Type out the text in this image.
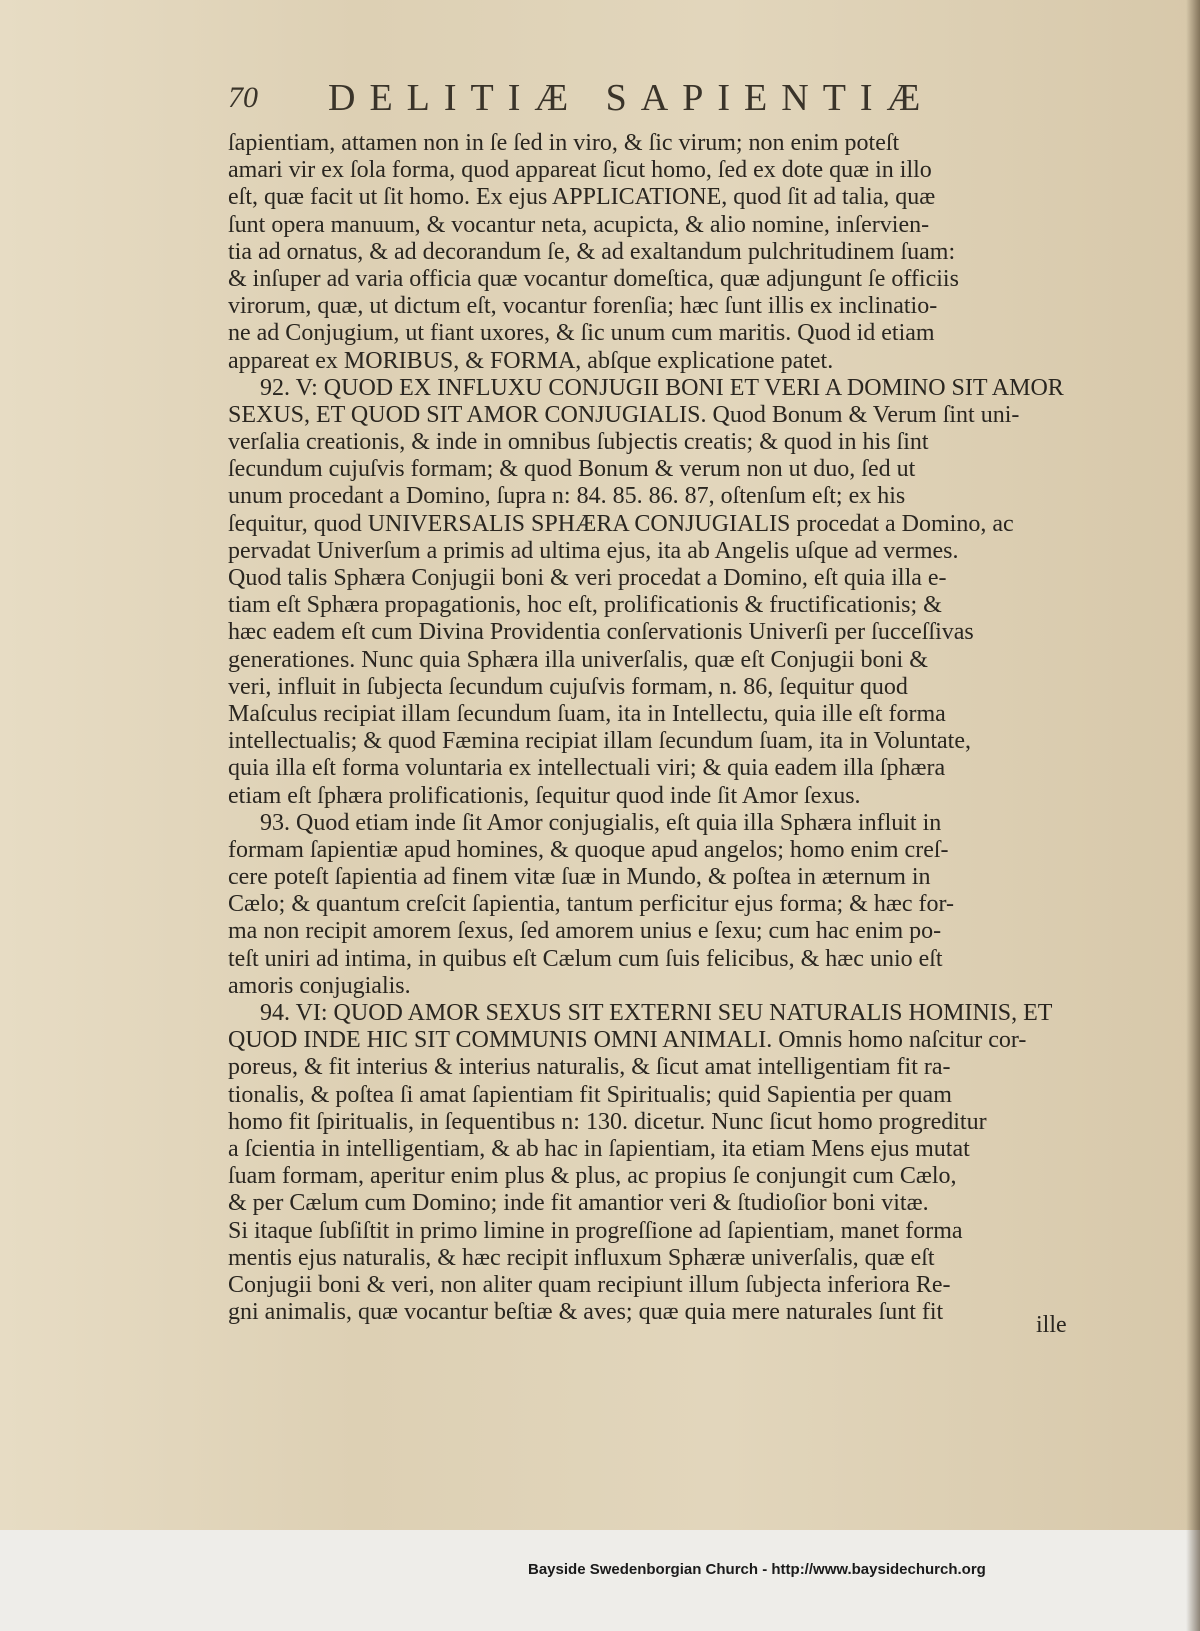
70	DELITIÆ SAPIENTIÆ
ſapientiam, attamen non in ſe ſed in viro, & ſic virum; non enim poteſt
amari vir ex ſola forma, quod appareat ſicut homo, ſed ex dote quæ in illo
eſt, quæ facit ut ſit homo. Ex ejus APPLICATIONE, quod ſit ad talia, quæ
ſunt opera manuum, & vocantur neta, acupicta, & alio nomine, inſervien-
tia ad ornatus, & ad decorandum ſe, & ad exaltandum pulchritudinem ſuam:
& inſuper ad varia officia quæ vocantur domeſtica, quæ adjungunt ſe officiis
virorum, quæ, ut dictum eſt, vocantur forenſia; hæc ſunt illis ex inclinatio-
ne ad Conjugium, ut fiant uxores, & ſic unum cum maritis. Quod id etiam
appareat ex MORIBUS, & FORMA, abſque explicatione patet.
92. V: QUOD EX INFLUXU CONJUGII BONI ET VERI A DOMINO SIT AMOR
SEXUS, ET QUOD SIT AMOR CONJUGIALIS. Quod Bonum & Verum ſint uni-
verſalia creationis, & inde in omnibus ſubjectis creatis; & quod in his ſint
ſecundum cujuſvis formam; & quod Bonum & verum non ut duo, ſed ut
unum procedant a Domino, ſupra n: 84. 85. 86. 87, oſtenſum eſt; ex his
ſequitur, quod UNIVERSALIS SPHÆRA CONJUGIALIS procedat a Domino, ac
pervadat Univerſum a primis ad ultima ejus, ita ab Angelis uſque ad vermes.
Quod talis Sphæra Conjugii boni & veri procedat a Domino, eſt quia illa e-
tiam eſt Sphæra propagationis, hoc eſt, prolificationis & fructificationis; &
hæc eadem eſt cum Divina Providentia conſervationis Univerſi per ſucceſſivas
generationes. Nunc quia Sphæra illa univerſalis, quæ eſt Conjugii boni &
veri, influit in ſubjecta ſecundum cujuſvis formam, n. 86, ſequitur quod
Maſculus recipiat illam ſecundum ſuam, ita in Intellectu, quia ille eſt forma
intellectualis; & quod Fæmina recipiat illam ſecundum ſuam, ita in Voluntate,
quia illa eſt forma voluntaria ex intellectuali viri; & quia eadem illa ſphæra
etiam eſt ſphæra prolificationis, ſequitur quod inde ſit Amor ſexus.
93. Quod etiam inde ſit Amor conjugialis, eſt quia illa Sphæra influit in
formam ſapientiæ apud homines, & quoque apud angelos; homo enim creſ-
cere poteſt ſapientia ad finem vitæ ſuæ in Mundo, & poſtea in æternum in
Cælo; & quantum creſcit ſapientia, tantum perficitur ejus forma; & hæc for-
ma non recipit amorem ſexus, ſed amorem unius e ſexu; cum hac enim po-
teſt uniri ad intima, in quibus eſt Cælum cum ſuis felicibus, & hæc unio eſt
amoris conjugialis.
94. VI: QUOD AMOR SEXUS SIT EXTERNI SEU NATURALIS HOMINIS, ET
QUOD INDE HIC SIT COMMUNIS OMNI ANIMALI. Omnis homo naſcitur cor-
poreus, & fit interius & interius naturalis, & ſicut amat intelligentiam fit ra-
tionalis, & poſtea ſi amat ſapientiam fit Spiritualis; quid Sapientia per quam
homo fit ſpiritualis, in ſequentibus n: 130. dicetur. Nunc ſicut homo progreditur
a ſcientia in intelligentiam, & ab hac in ſapientiam, ita etiam Mens ejus mutat
ſuam formam, aperitur enim plus & plus, ac propius ſe conjungit cum Cælo,
& per Cælum cum Domino; inde fit amantior veri & ſtudioſior boni vitæ.
Si itaque ſubſiſtit in primo limine in progreſſione ad ſapientiam, manet forma
mentis ejus naturalis, & hæc recipit influxum Sphæræ univerſalis, quæ eſt
Conjugii boni & veri, non aliter quam recipiunt illum ſubjecta inferiora Re-
gni animalis, quæ vocantur beſtiæ & aves; quæ quia mere naturales ſunt fit	ille
Bayside Swedenborgian Church - http://www.baysidechurch.org
